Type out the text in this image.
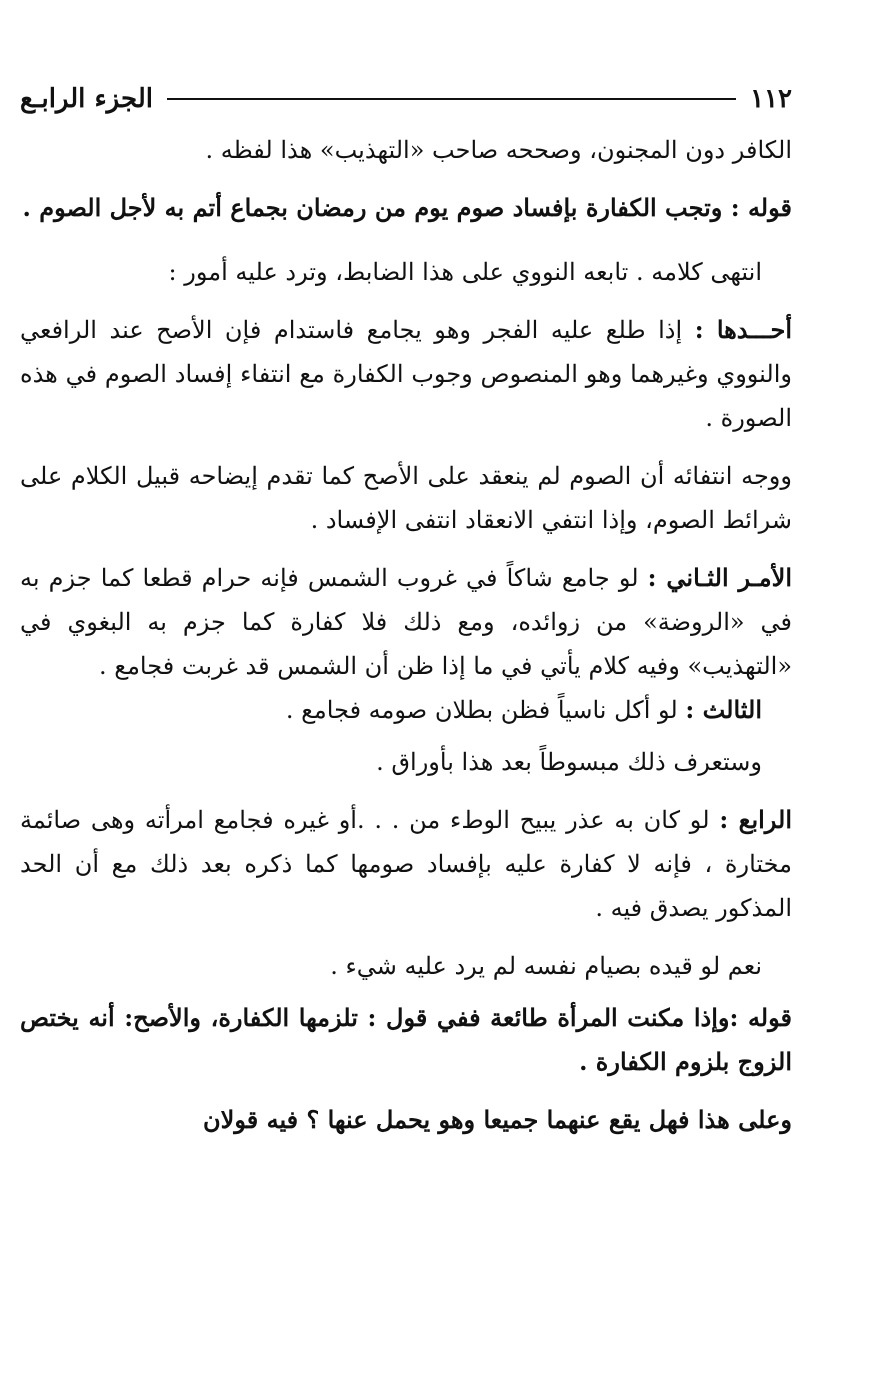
١١٢
الجزء الرابـع

الكافر دون المجنون، وصححه صاحب «التهذيب» هذا لفظه .

قوله : وتجب الكفارة بإفساد صوم يوم من رمضان بجماع أتم به لأجل الصوم .

انتهى كلامه . تابعه النووي على هذا الضابط، وترد عليه أمور :

أحـــدها : إذا طلع عليه الفجر وهو يجامع فاستدام فإن الأصح عند الرافعي والنووي وغيرهما وهو المنصوص وجوب الكفارة مع انتفاء إفساد الصوم في هذه الصورة .

ووجه انتفائه أن الصوم لم ينعقد على الأصح كما تقدم إيضاحه قبيل الكلام على شرائط الصوم، وإذا انتفي الانعقاد انتفى الإفساد .

الأمـر الثـاني : لو جامع شاكاً في غروب الشمس فإنه حرام قطعا كما جزم به في «الروضة» من زوائده، ومع ذلك فلا كفارة كما جزم به البغوي في «التهذيب» وفيه كلام يأتي في ما إذا ظن أن الشمس قد غربت فجامع .

الثالث : لو أكل ناسياً فظن بطلان صومه فجامع .

وستعرف ذلك مبسوطاً بعد هذا بأوراق .

الرابع : لو كان به عذر يبيح الوطء من . . .أو غيره فجامع امرأته وهى صائمة مختارة ، فإنه لا كفارة عليه بإفساد صومها كما ذكره بعد ذلك مع أن الحد المذكور يصدق فيه .

نعم لو قيده بصيام نفسه لم يرد عليه شيء .

قوله :وإذا مكنت المرأة طائعة ففي قول : تلزمها الكفارة، والأصح: أنه يختص الزوج بلزوم الكفارة .

وعلى هذا فهل يقع عنهما جميعا وهو يحمل عنها ؟ فيه قولان
